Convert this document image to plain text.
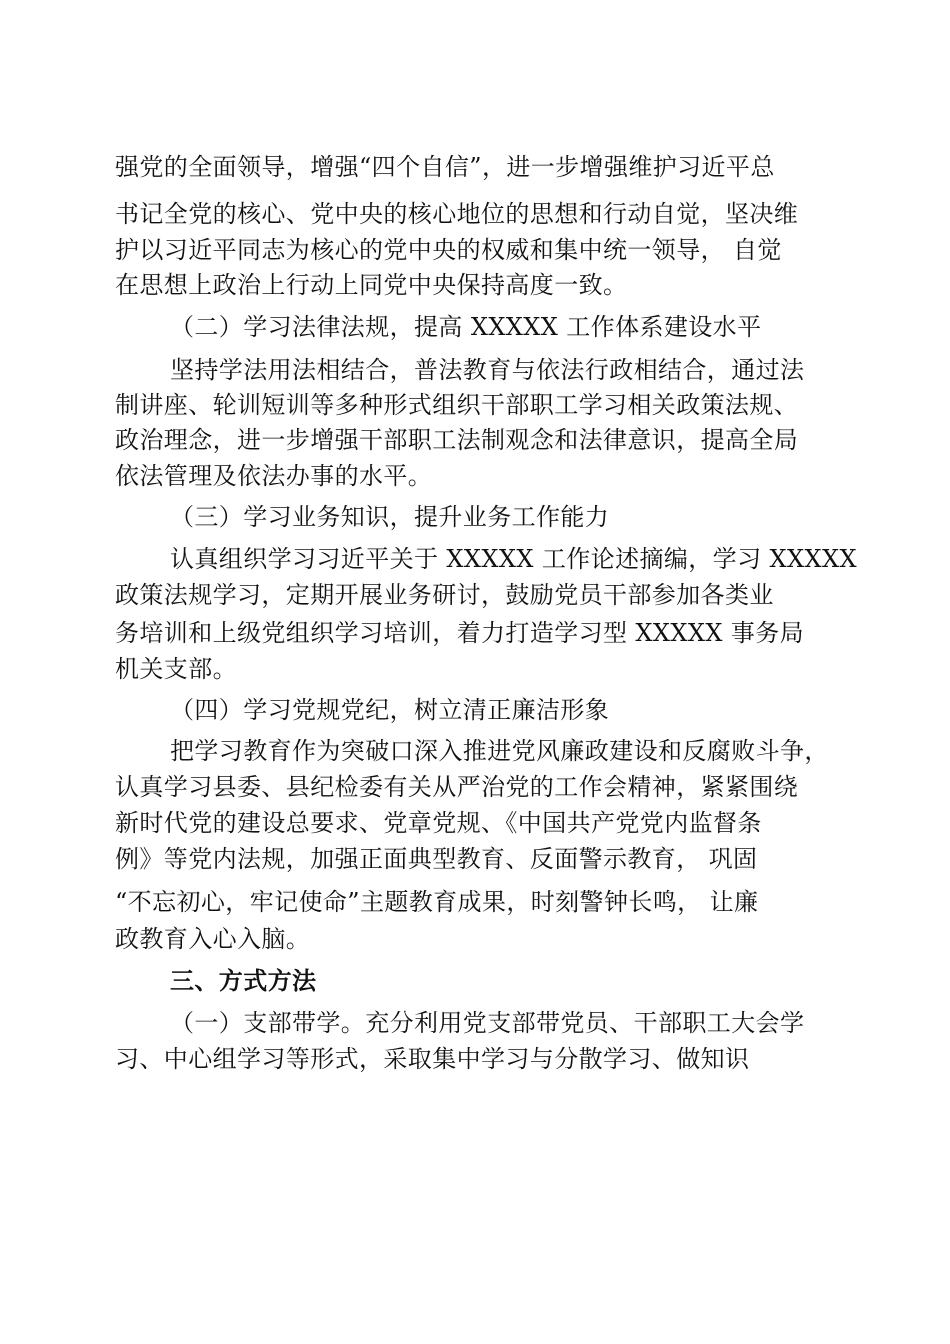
强党的全面领导，增强“四个自信”，进一步增强维护习近平总
书记全党的核心、党中央的核心地位的思想和行动自觉，坚决维
护以习近平同志为核心的党中央的权威和集中统一领导， 自觉
在思想上政治上行动上同党中央保持高度一致。
（二）学习法律法规，提高 XXXXX 工作体系建设水平
坚持学法用法相结合，普法教育与依法行政相结合，通过法
制讲座、轮训短训等多种形式组织干部职工学习相关政策法规、
政治理念，进一步增强干部职工法制观念和法律意识，提高全局
依法管理及依法办事的水平。
（三）学习业务知识，提升业务工作能力
认真组织学习习近平关于 XXXXX 工作论述摘编，学习 XXXXX
政策法规学习，定期开展业务研讨，鼓励党员干部参加各类业
务培训和上级党组织学习培训，着力打造学习型 XXXXX 事务局
机关支部。
（四）学习党规党纪，树立清正廉洁形象
把学习教育作为突破口深入推进党风廉政建设和反腐败斗争，
认真学习县委、县纪检委有关从严治党的工作会精神，紧紧围绕
新时代党的建设总要求、党章党规、《中国共产党党内监督条
例》等党内法规，加强正面典型教育、反面警示教育， 巩固
“不忘初心，牢记使命”主题教育成果，时刻警钟长鸣， 让廉
政教育入心入脑。
三、方式方法
（一）支部带学。充分利用党支部带党员、干部职工大会学
习、中心组学习等形式，采取集中学习与分散学习、做知识
